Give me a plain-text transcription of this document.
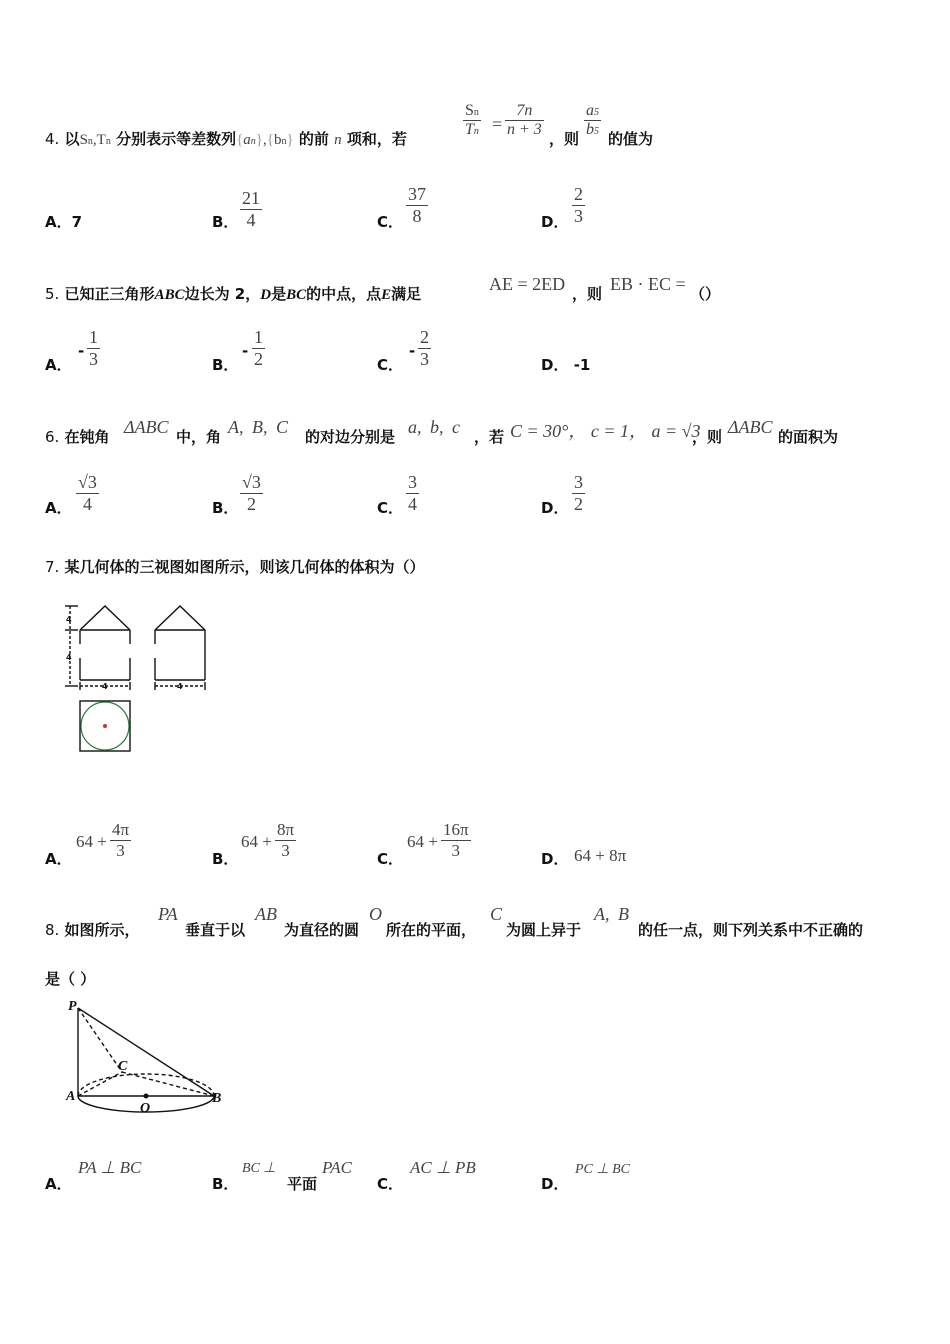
4. 以Sn,Tn 分别表示等差数列{an},{bn} 的前 n 项和，若	$\frac{Sn}{Tn} = \frac{7n}{n + 3}$ ，则 $\frac{a5}{b5}$ 的值为
A．7	B． $\frac{21}{4}$	C． $\frac{37}{8}$	D． $\frac{2}{3}$
5. 已知正三角形ABC边长为 2，D是BC的中点，点E满足	AE = 2ED ，则 EB · EC = （）
A．
- $\frac{1}{3}$	B．
- $\frac{1}{2}$	C．
- $\frac{2}{3}$	D． -1
6. 在钝角 ΔABC 中，角 A, B, C 的对边分别是 a, b, c ，若 C = 30°， c = 1， a = √3
，则 ΔABC 的面积为
A． $\frac{√3}{4}$	B． $\frac{√3}{2}$	C． $\frac{3}{4}$	D． $\frac{3}{2}$
7. 某几何体的三视图如图所示，则该几何体的体积为（）
4
4
4	4
A．
$64 + \frac{4\pi}{3}$	B．
$64 + \frac{8\pi}{3}$	C．
$64 + \frac{16\pi}{3}$	D． 64 + 8π
8. 如图所示，
PA
垂直于以
AB
为直径的圆
O
所在的平面，
C
为圆上异于
A, B
的任一点，则下列关系中不正确的
是（ ）
P
C
A
O
B
A．
PA ⊥ BC
B．
BC ⊥
平面
PAC
C．
AC ⊥ PB
D．
PC ⊥ BC
